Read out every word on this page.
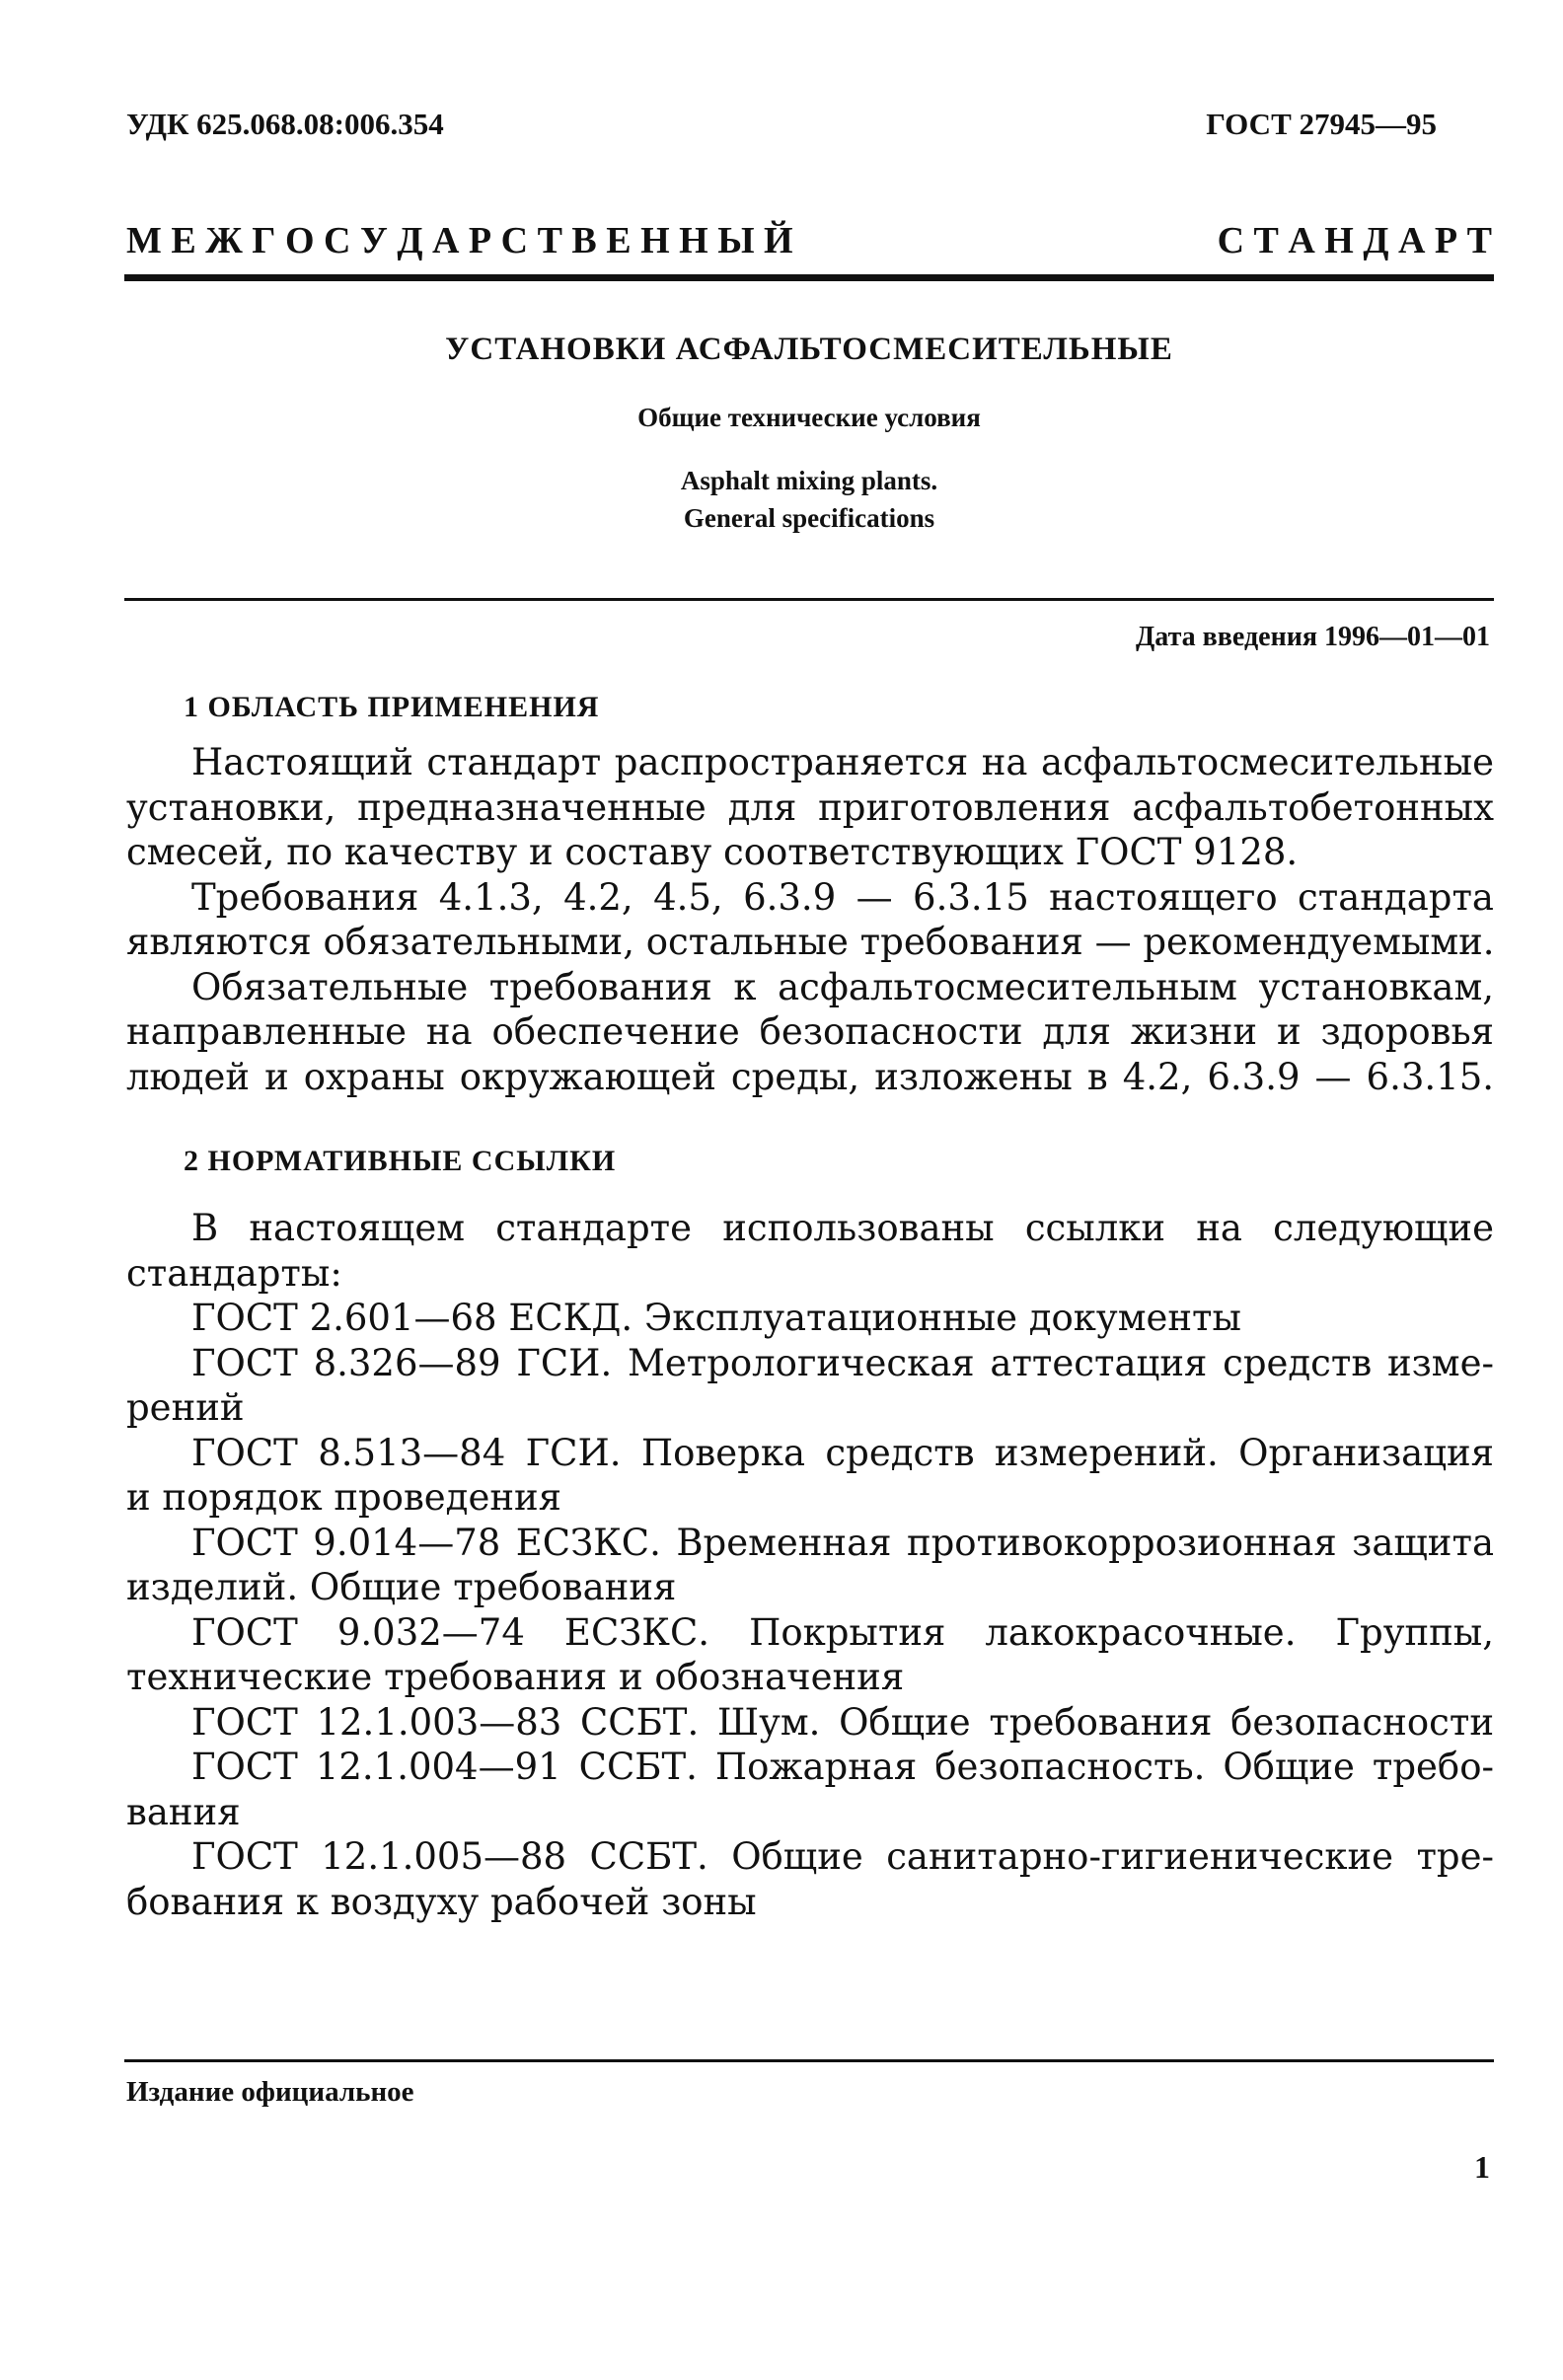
УДК 625.068.08:006.354	ГОСТ 27945—95
М Е Ж Г О С У Д А Р С Т В Е Н Н Ы Й	С Т А Н Д А Р Т
УСТАНОВКИ АСФАЛЬТОСМЕСИТЕЛЬНЫЕ
Общие технические условия
Asphalt mixing plants.
General specifications
Дата введения 1996—01—01
1 ОБЛАСТЬ ПРИМЕНЕНИЯ
Настоящий стандарт распространяется на асфальтосмесительные
установки, предназначенные для приготовления асфальтобетонных
смесей, по качеству и составу соответствующих ГОСТ 9128.
Требования 4.1.3, 4.2, 4.5, 6.3.9 — 6.3.15 настоящего стандарта
являются обязательными, остальные требования — рекомендуемыми.
Обязательные требования к асфальтосмесительным установкам,
направленные на обеспечение безопасности для жизни и здоровья
людей и охраны окружающей среды, изложены в 4.2, 6.3.9 — 6.3.15.
2 НОРМАТИВНЫЕ ССЫЛКИ
В настоящем стандарте использованы ссылки на следующие
стандарты:
ГОСТ 2.601—68 ЕСКД. Эксплуатационные документы
ГОСТ 8.326—89 ГСИ. Метрологическая аттестация средств изме-
рений
ГОСТ 8.513—84 ГСИ. Поверка средств измерений. Организация
и порядок проведения
ГОСТ 9.014—78 ЕСЗКС. Временная противокоррозионная защита
изделий. Общие требования
ГОСТ 9.032—74 ЕСЗКС. Покрытия лакокрасочные. Группы,
технические требования и обозначения
ГОСТ 12.1.003—83 ССБТ. Шум. Общие требования безопасности
ГОСТ 12.1.004—91 ССБТ. Пожарная безопасность. Общие требо-
вания
ГОСТ 12.1.005—88 ССБТ. Общие санитарно-гигиенические тре-
бования к воздуху рабочей зоны
Издание официальное
1
